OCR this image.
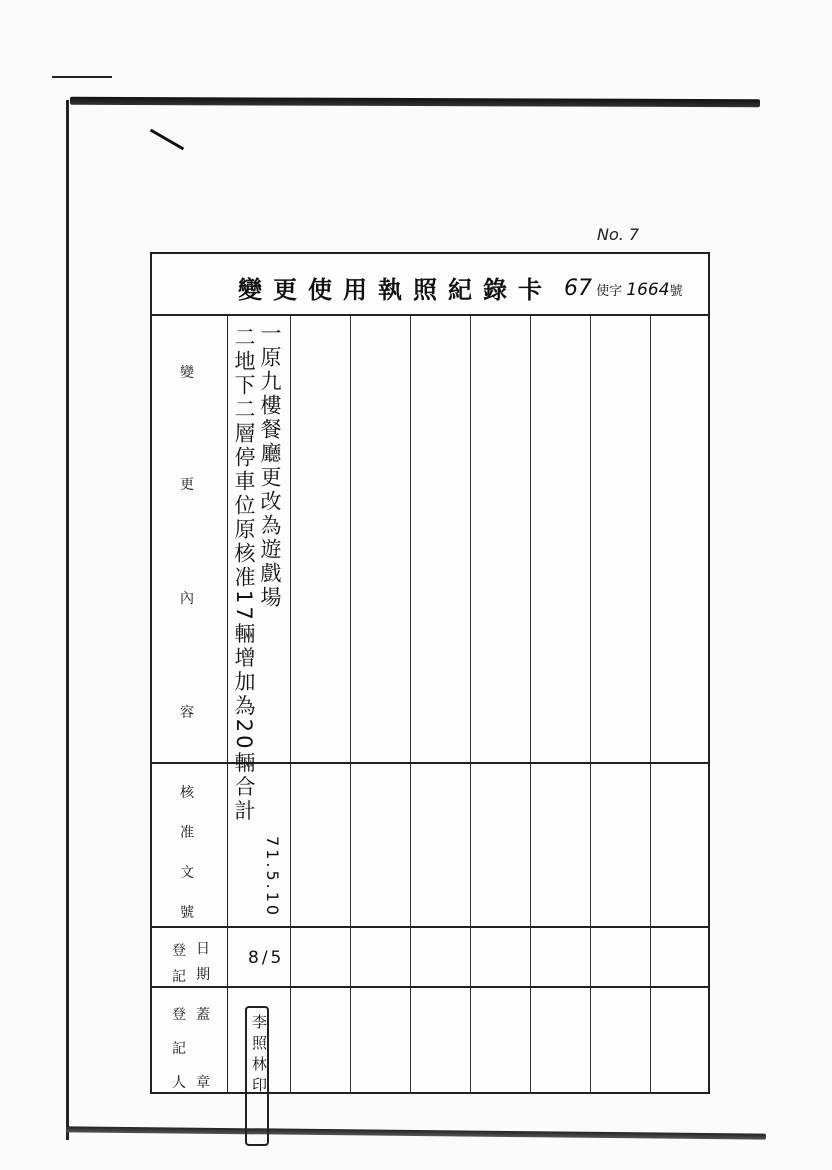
No. 7
變更使用執照紀錄卡 67 使字 1664號
變
更
內
容
核
准
文
號
登
記
日
期
登
記
人
蓋
章
一原九樓餐廳更改為遊戲場
二地下二層停車位原核准17輛增加為20輛合計
71.5.10
8/5
李照林印
